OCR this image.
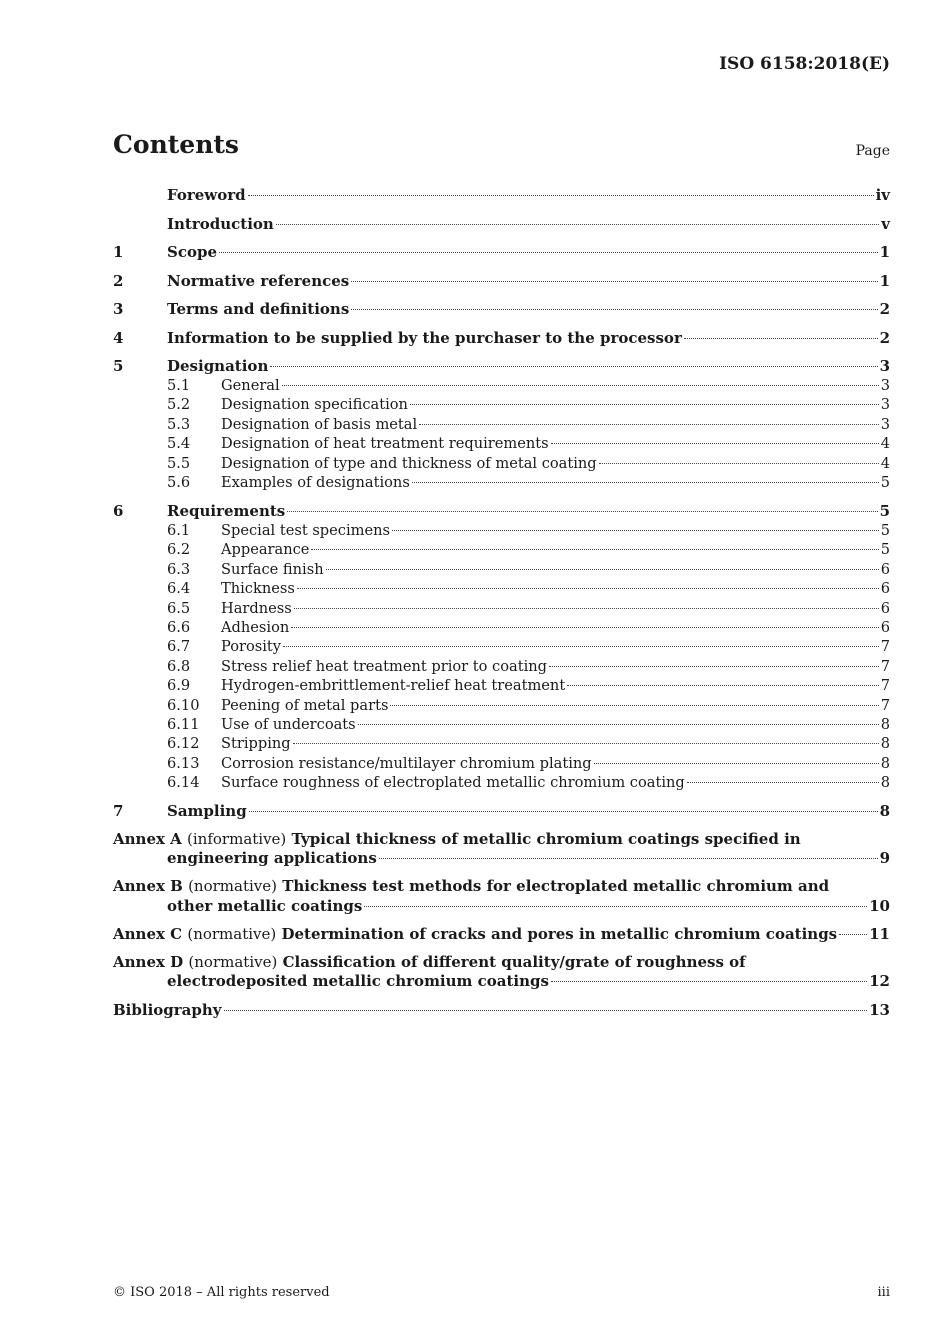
ISO 6158:2018(E)
Contents	Page
Foreword	iv
Introduction	v
1	Scope	1
2	Normative references	1
3	Terms and definitions	2
4	Information to be supplied by the purchaser to the processor	2
5	Designation	3
5.1	General	3
5.2	Designation specification	3
5.3	Designation of basis metal	3
5.4	Designation of heat treatment requirements	4
5.5	Designation of type and thickness of metal coating	4
5.6	Examples of designations	5
6	Requirements	5
6.1	Special test specimens	5
6.2	Appearance	5
6.3	Surface finish	6
6.4	Thickness	6
6.5	Hardness	6
6.6	Adhesion	6
6.7	Porosity	7
6.8	Stress relief heat treatment prior to coating	7
6.9	Hydrogen-embrittlement-relief heat treatment	7
6.10	Peening of metal parts	7
6.11	Use of undercoats	8
6.12	Stripping	8
6.13	Corrosion resistance/multilayer chromium plating	8
6.14	Surface roughness of electroplated metallic chromium coating	8
7	Sampling	8
Annex A (informative) Typical thickness of metallic chromium coatings specified in
engineering applications	9
Annex B (normative) Thickness test methods for electroplated metallic chromium and
other metallic coatings	10
Annex C (normative) Determination of cracks and pores in metallic chromium coatings 11
Annex D (normative) Classification of different quality/grate of roughness of
electrodeposited metallic chromium coatings	12
Bibliography	13
© ISO 2018 – All rights reserved	iii
